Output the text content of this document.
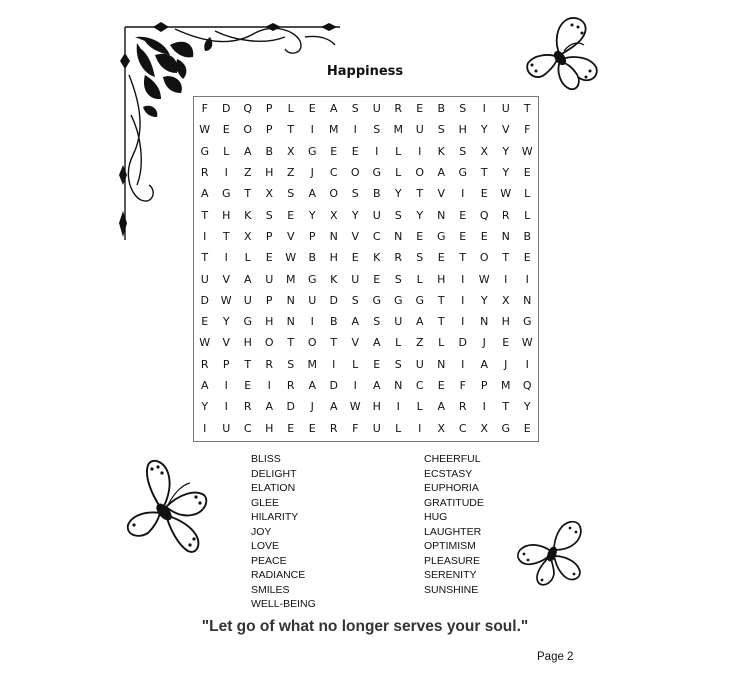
Happiness
F	D	Q	P	L	E	A	S	U	R	E	B	S	I	U	T
W	E	O	P	T	I	M	I	S	M	U	S	H	Y	V	F
G	L	A	B	X	G	E	E	I	L	I	K	S	X	Y	W
R	I	Z	H	Z	J	C	O	G	L	O	A	G	T	Y	E
A	G	T	X	S	A	O	S	B	Y	T	V	I	E	W	L
T	H	K	S	E	Y	X	Y	U	S	Y	N	E	Q	R	L
I	T	X	P	V	P	N	V	C	N	E	G	E	E	N	B
T	I	L	E	W	B	H	E	K	R	S	E	T	O	T	E
U	V	A	U	M	G	K	U	E	S	L	H	I	W	I	I
D	W	U	P	N	U	D	S	G	G	G	T	I	Y	X	N
E	Y	G	H	N	I	B	A	S	U	A	T	I	N	H	G
W	V	H	O	T	O	T	V	A	L	Z	L	D	J	E	W
R	P	T	R	S	M	I	L	E	S	U	N	I	A	J	I
A	I	E	I	R	A	D	I	A	N	C	E	F	P	M	Q
Y	I	R	A	D	J	A	W	H	I	L	A	R	I	T	Y
I	U	C	H	E	E	R	F	U	L	I	X	C	X	G	E
BLISS
DELIGHT
ELATION
GLEE
HILARITY
JOY
LOVE
PEACE
RADIANCE
SMILES
WELL-BEING
CHEERFUL
ECSTASY
EUPHORIA
GRATITUDE
HUG
LAUGHTER
OPTIMISM
PLEASURE
SERENITY
SUNSHINE
"Let go of what no longer serves your soul."
Page 2
